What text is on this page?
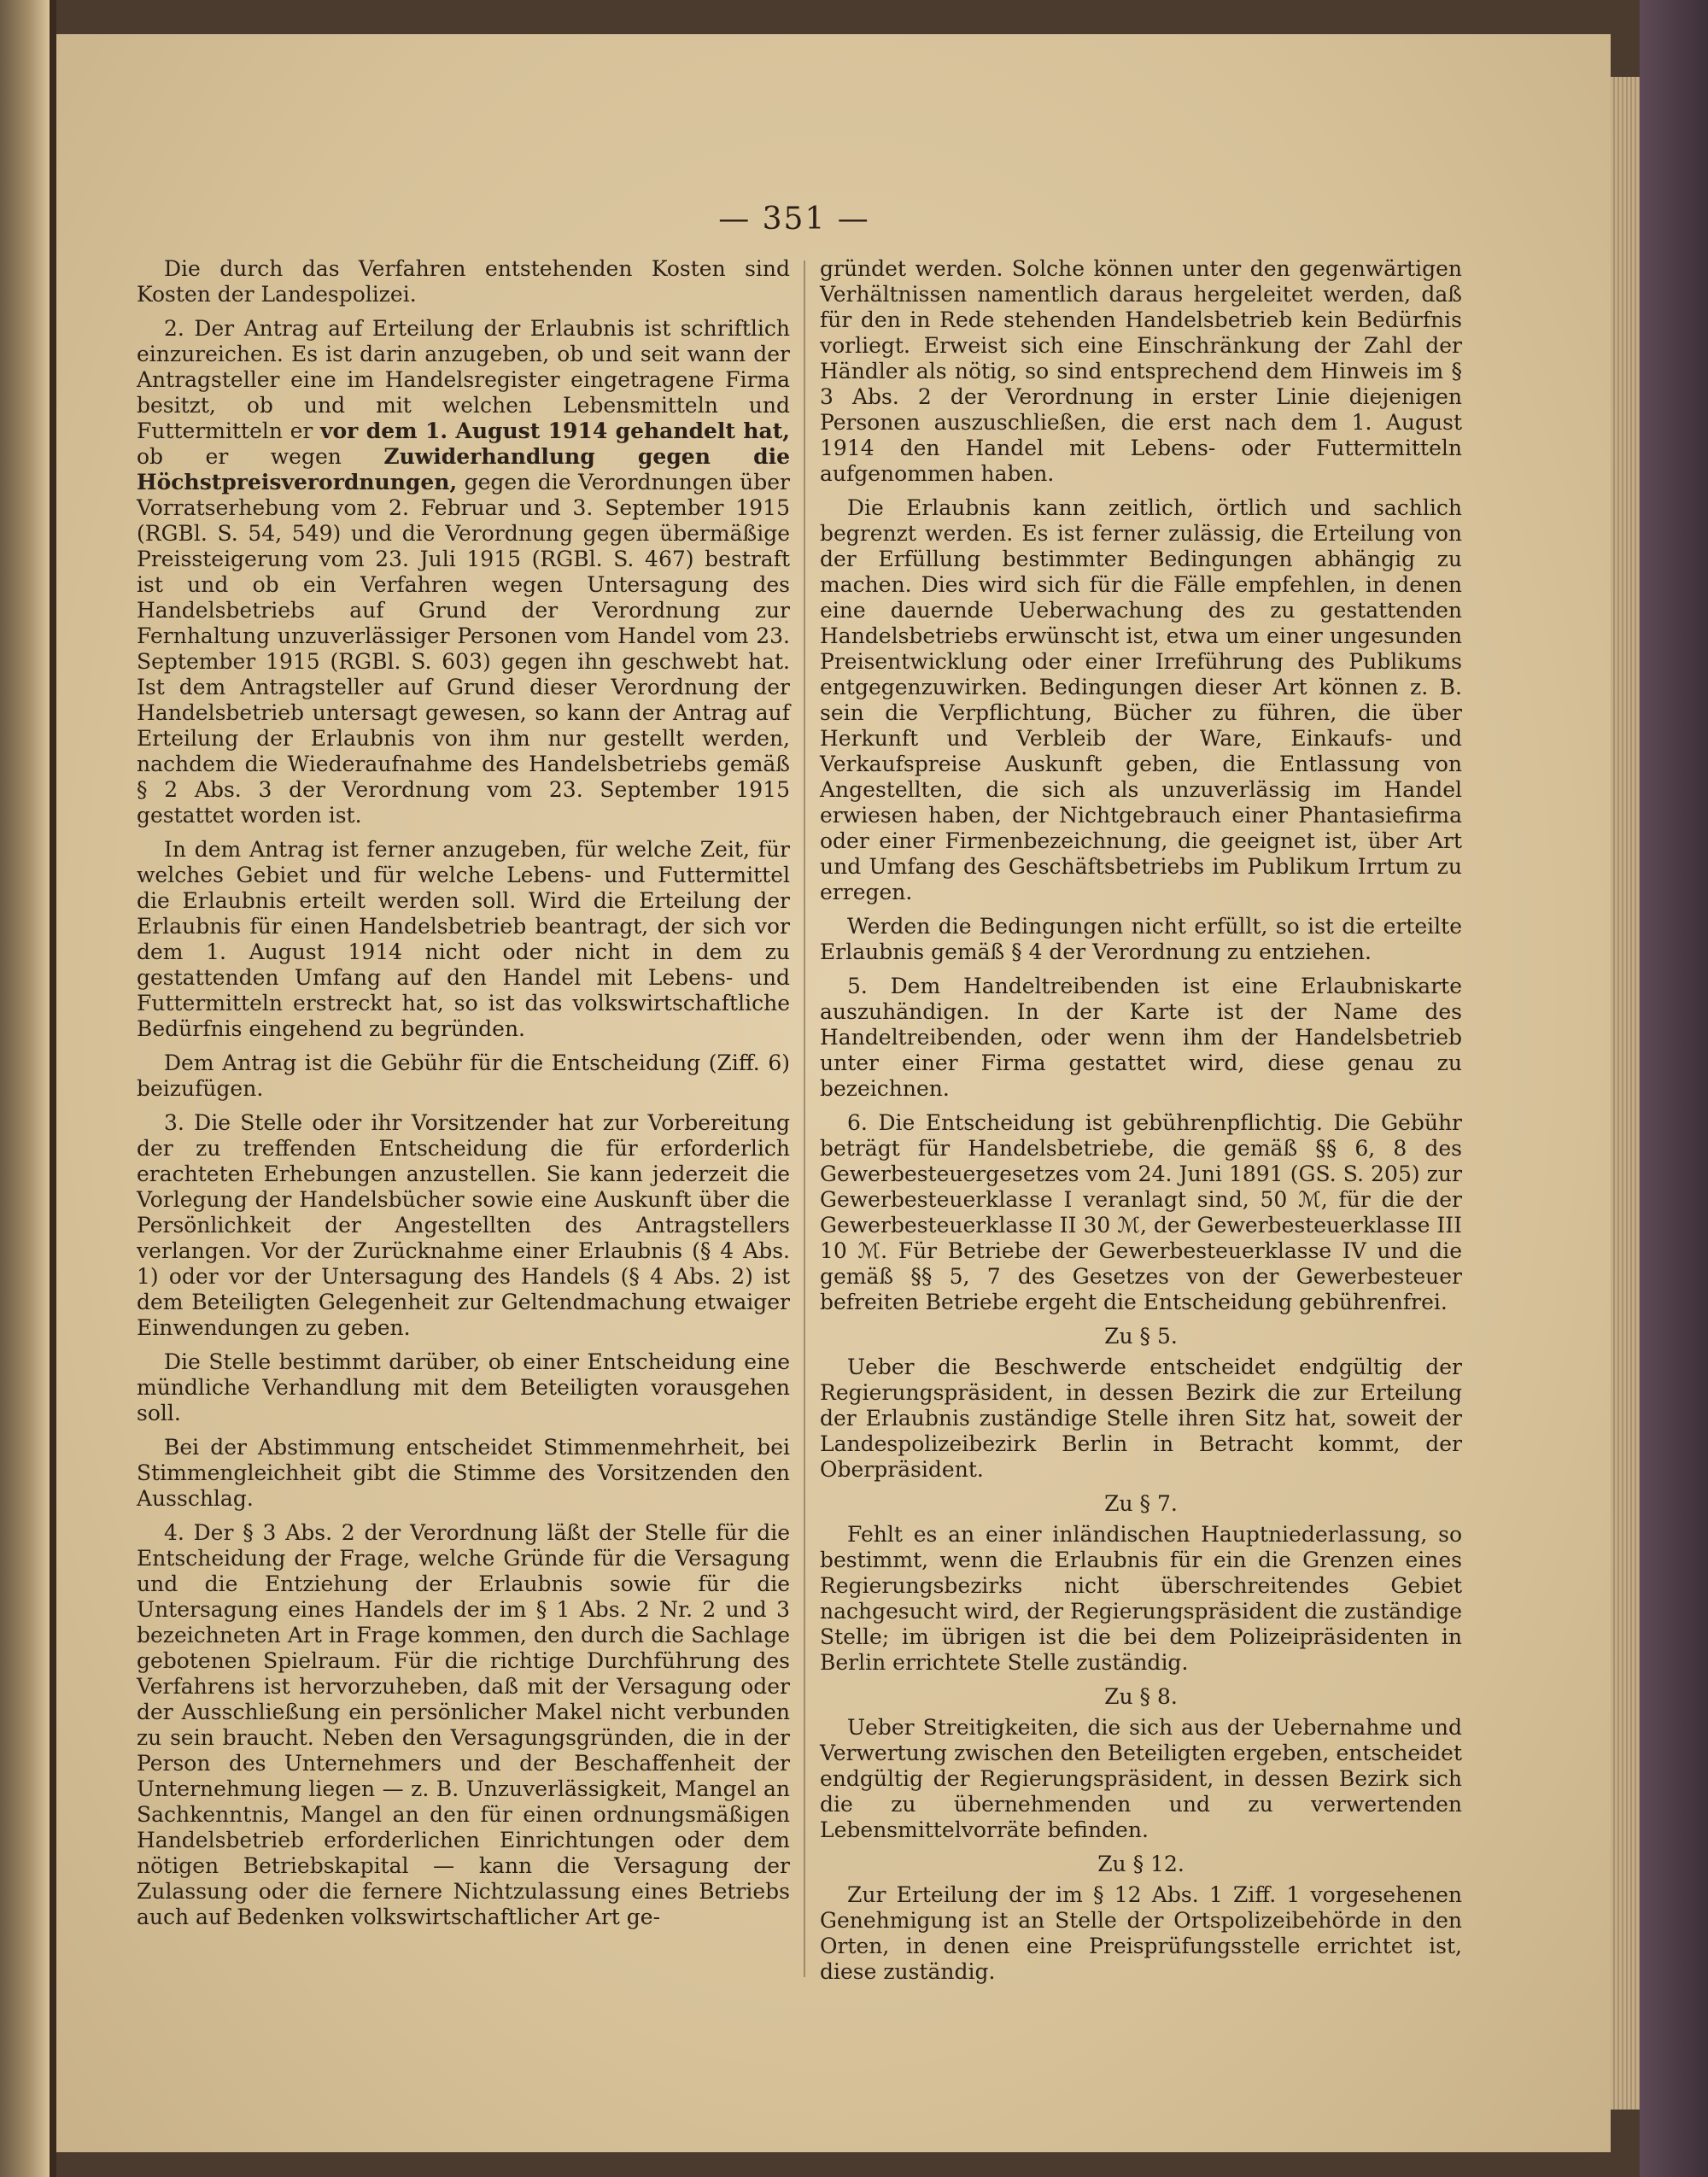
— 351 —

Die durch das Verfahren entstehenden Kosten sind Kosten der Landespolizei.

2. Der Antrag auf Erteilung der Erlaubnis ist schriftlich einzureichen. Es ist darin anzugeben, ob und seit wann der Antragsteller eine im Handelsregister eingetragene Firma besitzt, ob und mit welchen Lebensmitteln und Futtermitteln er vor dem 1. August 1914 gehandelt hat, ob er wegen Zuwiderhandlung gegen die Höchstpreisverordnungen, gegen die Verordnungen über Vorratserhebung vom 2. Februar und 3. September 1915 (RGBl. S. 54, 549) und die Verordnung gegen übermäßige Preissteigerung vom 23. Juli 1915 (RGBl. S. 467) bestraft ist und ob ein Verfahren wegen Untersagung des Handelsbetriebs auf Grund der Verordnung zur Fernhaltung unzuverlässiger Personen vom Handel vom 23. September 1915 (RGBl. S. 603) gegen ihn geschwebt hat. Ist dem Antragsteller auf Grund dieser Verordnung der Handelsbetrieb untersagt gewesen, so kann der Antrag auf Erteilung der Erlaubnis von ihm nur gestellt werden, nachdem die Wiederaufnahme des Handelsbetriebs gemäß § 2 Abs. 3 der Verordnung vom 23. September 1915 gestattet worden ist.

In dem Antrag ist ferner anzugeben, für welche Zeit, für welches Gebiet und für welche Lebens- und Futtermittel die Erlaubnis erteilt werden soll. Wird die Erteilung der Erlaubnis für einen Handelsbetrieb beantragt, der sich vor dem 1. August 1914 nicht oder nicht in dem zu gestattenden Umfang auf den Handel mit Lebens- und Futtermitteln erstreckt hat, so ist das volkswirtschaftliche Bedürfnis eingehend zu begründen.

Dem Antrag ist die Gebühr für die Entscheidung (Ziff. 6) beizufügen.

3. Die Stelle oder ihr Vorsitzender hat zur Vorbereitung der zu treffenden Entscheidung die für erforderlich erachteten Erhebungen anzustellen. Sie kann jederzeit die Vorlegung der Handelsbücher sowie eine Auskunft über die Persönlichkeit der Angestellten des Antragstellers verlangen. Vor der Zurücknahme einer Erlaubnis (§ 4 Abs. 1) oder vor der Untersagung des Handels (§ 4 Abs. 2) ist dem Beteiligten Gelegenheit zur Geltendmachung etwaiger Einwendungen zu geben.

Die Stelle bestimmt darüber, ob einer Entscheidung eine mündliche Verhandlung mit dem Beteiligten vorausgehen soll.

Bei der Abstimmung entscheidet Stimmenmehrheit, bei Stimmengleichheit gibt die Stimme des Vorsitzenden den Ausschlag.

4. Der § 3 Abs. 2 der Verordnung läßt der Stelle für die Entscheidung der Frage, welche Gründe für die Versagung und die Entziehung der Erlaubnis sowie für die Untersagung eines Handels der im § 1 Abs. 2 Nr. 2 und 3 bezeichneten Art in Frage kommen, den durch die Sachlage gebotenen Spielraum. Für die richtige Durchführung des Verfahrens ist hervorzuheben, daß mit der Versagung oder der Ausschließung ein persönlicher Makel nicht verbunden zu sein braucht. Neben den Versagungsgründen, die in der Person des Unternehmers und der Beschaffenheit der Unternehmung liegen — z. B. Unzuverlässigkeit, Mangel an Sachkenntnis, Mangel an den für einen ordnungsmäßigen Handelsbetrieb erforderlichen Einrichtungen oder dem nötigen Betriebskapital — kann die Versagung der Zulassung oder die fernere Nichtzulassung eines Betriebs auch auf Bedenken volkswirtschaftlicher Art ge-

gründet werden. Solche können unter den gegenwärtigen Verhältnissen namentlich daraus hergeleitet werden, daß für den in Rede stehenden Handelsbetrieb kein Bedürfnis vorliegt. Erweist sich eine Einschränkung der Zahl der Händler als nötig, so sind entsprechend dem Hinweis im § 3 Abs. 2 der Verordnung in erster Linie diejenigen Personen auszuschließen, die erst nach dem 1. August 1914 den Handel mit Lebens- oder Futtermitteln aufgenommen haben.

Die Erlaubnis kann zeitlich, örtlich und sachlich begrenzt werden. Es ist ferner zulässig, die Erteilung von der Erfüllung bestimmter Bedingungen abhängig zu machen. Dies wird sich für die Fälle empfehlen, in denen eine dauernde Ueberwachung des zu gestattenden Handelsbetriebs erwünscht ist, etwa um einer ungesunden Preisentwicklung oder einer Irreführung des Publikums entgegenzuwirken. Bedingungen dieser Art können z. B. sein die Verpflichtung, Bücher zu führen, die über Herkunft und Verbleib der Ware, Einkaufs- und Verkaufspreise Auskunft geben, die Entlassung von Angestellten, die sich als unzuverlässig im Handel erwiesen haben, der Nichtgebrauch einer Phantasiefirma oder einer Firmenbezeichnung, die geeignet ist, über Art und Umfang des Geschäftsbetriebs im Publikum Irrtum zu erregen.

Werden die Bedingungen nicht erfüllt, so ist die erteilte Erlaubnis gemäß § 4 der Verordnung zu entziehen.

5. Dem Handeltreibenden ist eine Erlaubniskarte auszuhändigen. In der Karte ist der Name des Handeltreibenden, oder wenn ihm der Handelsbetrieb unter einer Firma gestattet wird, diese genau zu bezeichnen.

6. Die Entscheidung ist gebührenpflichtig. Die Gebühr beträgt für Handelsbetriebe, die gemäß §§ 6, 8 des Gewerbesteuergesetzes vom 24. Juni 1891 (GS. S. 205) zur Gewerbesteuerklasse I veranlagt sind, 50 ℳ, für die der Gewerbesteuerklasse II 30 ℳ, der Gewerbesteuerklasse III 10 ℳ. Für Betriebe der Gewerbesteuerklasse IV und die gemäß §§ 5, 7 des Gesetzes von der Gewerbesteuer befreiten Betriebe ergeht die Entscheidung gebührenfrei.

Zu § 5.

Ueber die Beschwerde entscheidet endgültig der Regierungspräsident, in dessen Bezirk die zur Erteilung der Erlaubnis zuständige Stelle ihren Sitz hat, soweit der Landespolizeibezirk Berlin in Betracht kommt, der Oberpräsident.

Zu § 7.

Fehlt es an einer inländischen Hauptniederlassung, so bestimmt, wenn die Erlaubnis für ein die Grenzen eines Regierungsbezirks nicht überschreitendes Gebiet nachgesucht wird, der Regierungspräsident die zuständige Stelle; im übrigen ist die bei dem Polizeipräsidenten in Berlin errichtete Stelle zuständig.

Zu § 8.

Ueber Streitigkeiten, die sich aus der Uebernahme und Verwertung zwischen den Beteiligten ergeben, entscheidet endgültig der Regierungspräsident, in dessen Bezirk sich die zu übernehmenden und zu verwertenden Lebensmittelvorräte befinden.

Zu § 12.

Zur Erteilung der im § 12 Abs. 1 Ziff. 1 vorgesehenen Genehmigung ist an Stelle der Ortspolizeibehörde in den Orten, in denen eine Preisprüfungsstelle errichtet ist, diese zuständig.
